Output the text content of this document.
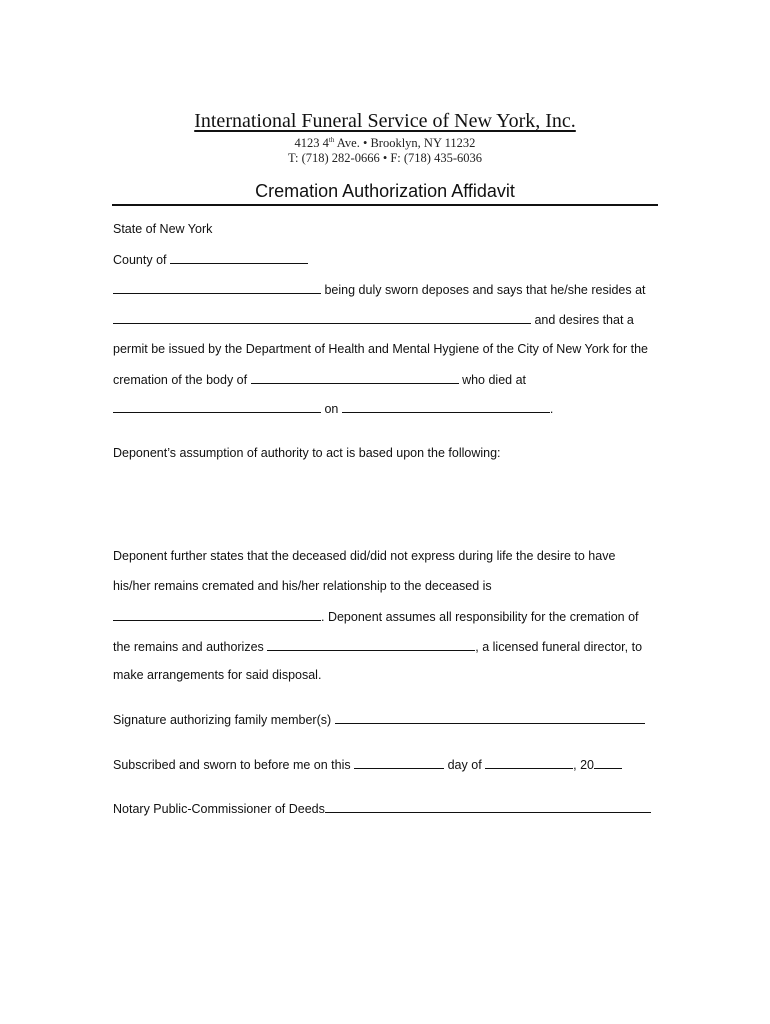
International Funeral Service of New York, Inc.
4123 4th Ave. • Brooklyn, NY 11232
T: (718) 282-0666 • F: (718) 435-6036
Cremation Authorization Affidavit
State of New York
County of
being duly sworn deposes and says that he/she resides at
and desires that a
permit be issued by the Department of Health and Mental Hygiene of the City of New York for the
cremation of the body of	who died at
on	.
Deponent’s assumption of authority to act is based upon the following:
Deponent further states that the deceased did/did not express during life the desire to have
his/her remains cremated and his/her relationship to the deceased is
. Deponent assumes all responsibility for the cremation of
the remains and authorizes	, a licensed funeral director, to
make arrangements for said disposal.
Signature authorizing family member(s)
Subscribed and sworn to before me on this	day of	, 20
Notary Public-Commissioner of Deeds
